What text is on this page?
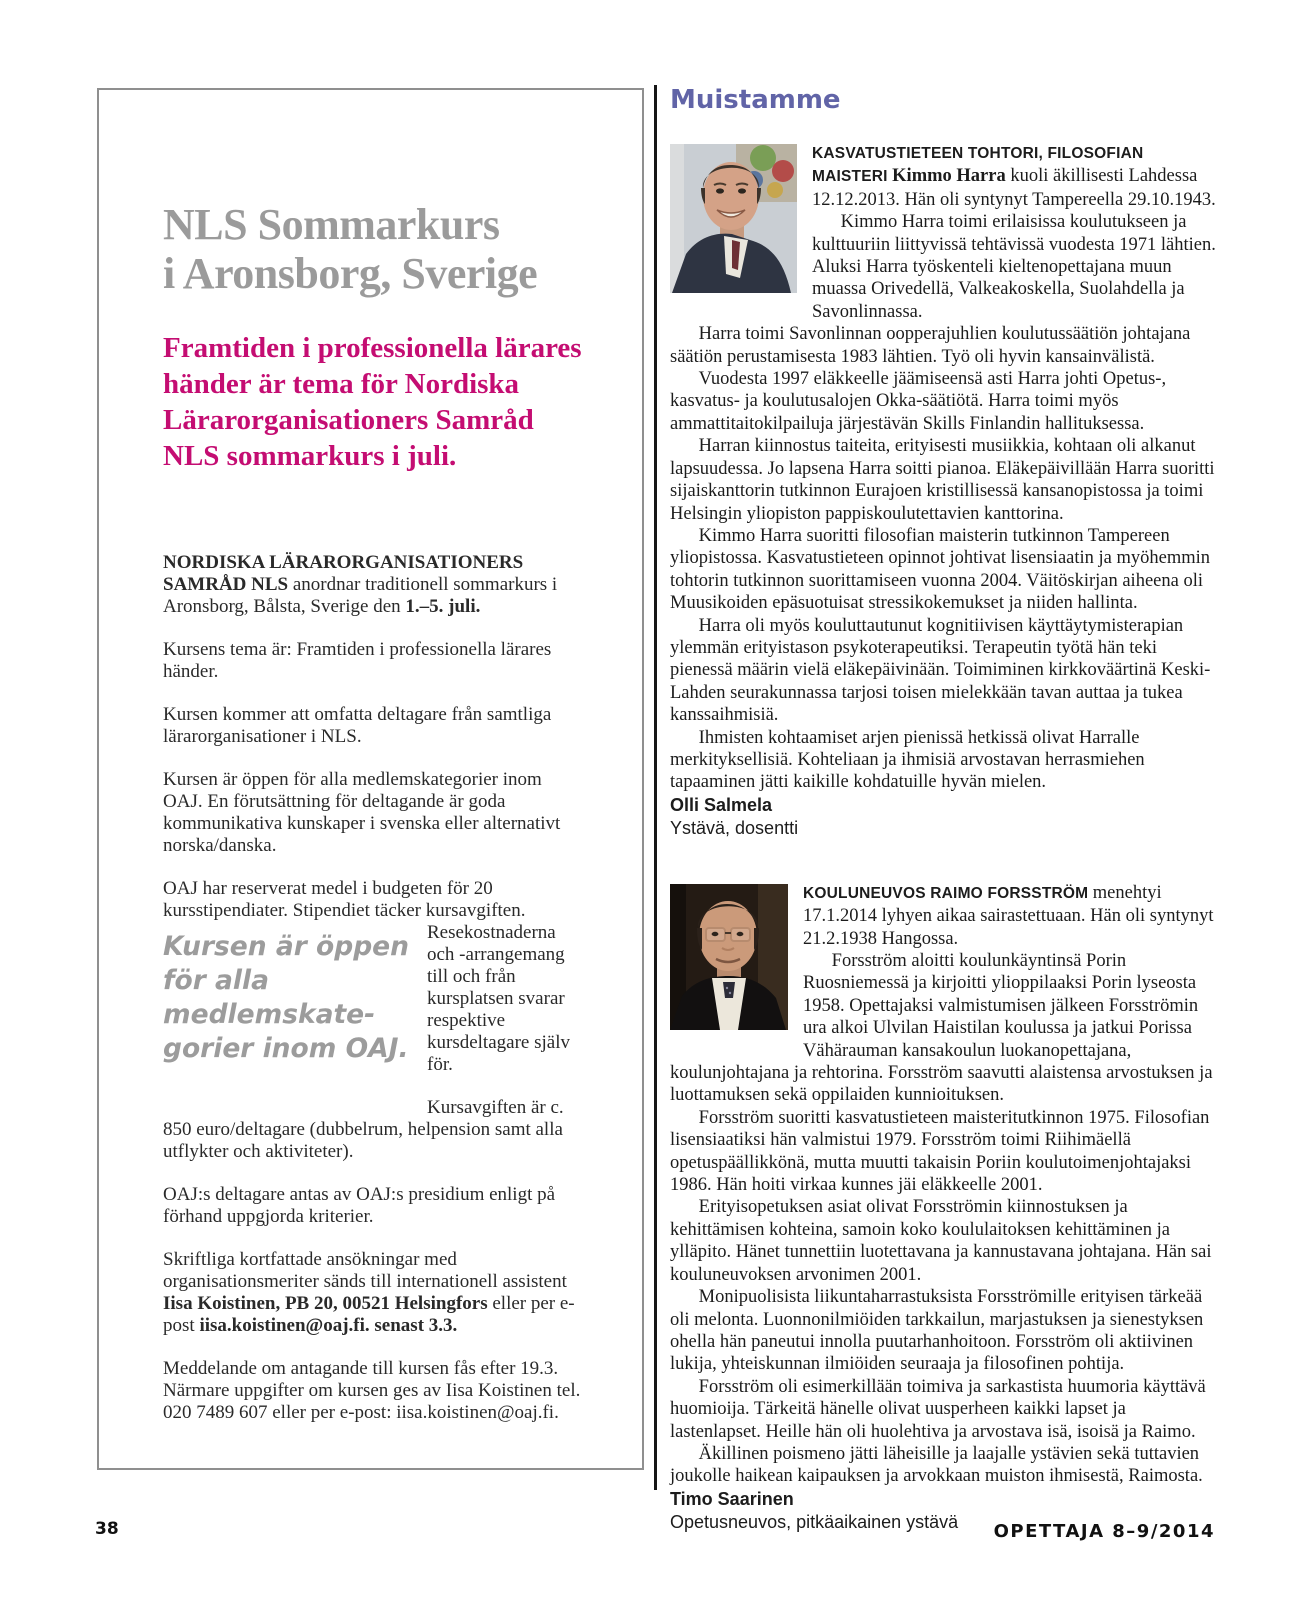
NLS Sommarkurs
i Aronsborg, Sverige
Framtiden i professionella lärares händer är tema för Nordiska Lärarorganisationers Samråd NLS sommarkurs i juli.

NORDISKA LÄRARORGANISATIONERS SAMRÅD NLS anordnar traditionell sommarkurs i Aronsborg, Bålsta, Sverige den 1.–5. juli.

Kursens tema är: Framtiden i professionella lärares händer.

Kursen kommer att omfatta deltagare från samtliga lärarorganisationer i NLS.

Kursen är öppen för alla medlemskategorier inom OAJ. En förutsättning för deltagande är goda kommunikativa kunskaper i svenska eller alternativt norska/danska.

OAJ har reserverat medel i budgeten för 20 kursstipendiater. Stipendiet täcker kursavgiften. Resekostnaderna
Kursen är öppen för alla medlemskategorier inom OAJ.
och -arrangemang till och från kursplatsen svarar respektive kursdeltagare själv för.

Kursavgiften är c. 850 euro/deltagare (dubbelrum, helpension samt alla utflykter och aktiviteter).

OAJ:s deltagare antas av OAJ:s presidium enligt på förhand uppgjorda kriterier.

Skriftliga kortfattade ansökningar med organisationsmeriter sänds till internationell assistent Iisa Koistinen, PB 20, 00521 Helsingfors eller per e-post iisa.koistinen@oaj.fi. senast 3.3.

Meddelande om antagande till kursen fås efter 19.3. Närmare uppgifter om kursen ges av Iisa Koistinen tel. 020 7489 607 eller per e-post: iisa.koistinen@oaj.fi.

Muistamme

KASVATUSTIETEEN TOHTORI, FILOSOFIAN MAISTERI Kimmo Harra kuoli äkillisesti Lahdessa 12.12.2013. Hän oli syntynyt Tampereella 29.10.1943.

Kimmo Harra toimi erilaisissa koulutukseen ja kulttuuriin liittyvissä tehtävissä vuodesta 1971 lähtien. Aluksi Harra työskenteli kieltenopettajana muun muassa Orivedellä, Valkeakoskella, Suolahdella ja Savonlinnassa.

Harra toimi Savonlinnan oopperajuhlien koulutussäätiön johtajana säätiön perustamisesta 1983 lähtien. Työ oli hyvin kansainvälistä.

Vuodesta 1997 eläkkeelle jäämiseensä asti Harra johti Opetus-, kasvatus- ja koulutusalojen Okka-säätiötä. Harra toimi myös ammattitaitokilpailuja järjestävän Skills Finlandin hallituksessa.

Harran kiinnostus taiteita, erityisesti musiikkia, kohtaan oli alkanut lapsuudessa. Jo lapsena Harra soitti pianoa. Eläkepäivillään Harra suoritti sijaiskanttorin tutkinnon Eurajoen kristillisessä kansanopistossa ja toimi Helsingin yliopiston pappiskoulutettavien kanttorina.

Kimmo Harra suoritti filosofian maisterin tutkinnon Tampereen yliopistossa. Kasvatustieteen opinnot johtivat lisensiaatin ja myöhemmin tohtorin tutkinnon suorittamiseen vuonna 2004. Väitöskirjan aiheena oli Muusikoiden epäsuotuisat stressikokemukset ja niiden hallinta.

Harra oli myös kouluttautunut kognitiivisen käyttäytymisterapian ylemmän erityistason psykoterapeutiksi. Terapeutin työtä hän teki pienessä määrin vielä eläkepäivinään. Toimiminen kirkkoväärtinä Keski-Lahden seurakunnassa tarjosi toisen mielekkään tavan auttaa ja tukea kanssaihmisiä.

Ihmisten kohtaamiset arjen pienissä hetkissä olivat Harralle merkityksellisiä. Kohteliaan ja ihmisiä arvostavan herrasmiehen tapaaminen jätti kaikille kohdatuille hyvän mielen.

Olli Salmela
Ystävä, dosentti

KOULUNEUVOS RAIMO FORSSTRÖM menehtyi 17.1.2014 lyhyen aikaa sairastettuaan. Hän oli syntynyt 21.2.1938 Hangossa.

Forsström aloitti koulunkäyntinsä Porin Ruosniemessä ja kirjoitti ylioppilaaksi Porin lyseosta 1958. Opettajaksi valmistumisen jälkeen Forsströmin ura alkoi Ulvilan Haistilan koulussa ja jatkui Porissa Vähärauman kansakoulun luokanopettajana, koulunjohtajana ja rehtorina. Forsström saavutti alaistensa arvostuksen ja luottamuksen sekä oppilaiden kunnioituksen.

Forsström suoritti kasvatustieteen maisteritutkinnon 1975. Filosofian lisensiaatiksi hän valmistui 1979. Forsström toimi Riihimäellä opetuspäällikkönä, mutta muutti takaisin Poriin koulutoimenjohtajaksi 1986. Hän hoiti virkaa kunnes jäi eläkkeelle 2001.

Erityisopetuksen asiat olivat Forsströmin kiinnostuksen ja kehittämisen kohteina, samoin koko koululaitoksen kehittäminen ja ylläpito. Hänet tunnettiin luotettavana ja kannustavana johtajana. Hän sai kouluneuvoksen arvonimen 2001.

Monipuolisista liikuntaharrastuksista Forsströmille erityisen tärkeää oli melonta. Luonnonilmiöiden tarkkailun, marjastuksen ja sienestyksen ohella hän paneutui innolla puutarhanhoitoon. Forsström oli aktiivinen lukija, yhteiskunnan ilmiöiden seuraaja ja filosofinen pohtija.

Forsström oli esimerkillään toimiva ja sarkastista huumoria käyttävä huomioija. Tärkeitä hänelle olivat uusperheen kaikki lapset ja lastenlapset. Heille hän oli huolehtiva ja arvostava isä, isoisä ja Raimo.

Äkillinen poismeno jätti läheisille ja laajalle ystävien sekä tuttavien joukolle haikean kaipauksen ja arvokkaan muiston ihmisestä, Raimosta.

Timo Saarinen
Opetusneuvos, pitkäaikainen ystävä

38	OPETTAJA 8–9/2014
